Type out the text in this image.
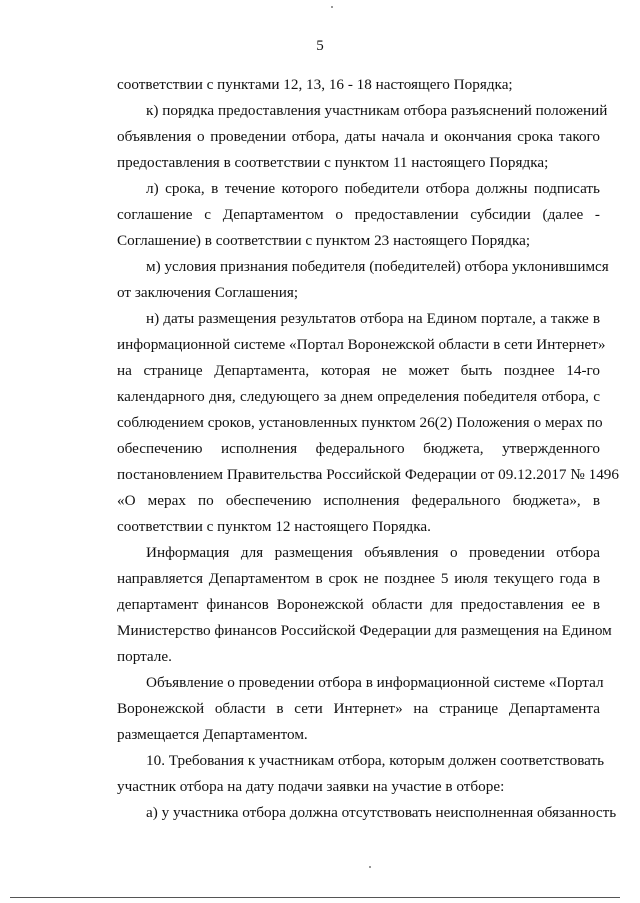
5
соответствии с пунктами 12, 13, 16 - 18 настоящего Порядка;
к) порядка предоставления участникам отбора разъяснений положений
объявления о проведении отбора, даты начала и окончания срока такого
предоставления в соответствии с пунктом 11 настоящего Порядка;
л) срока, в течение которого победители отбора должны подписать
соглашение с Департаментом о предоставлении субсидии (далее -
Соглашение) в соответствии с пунктом 23 настоящего Порядка;
м) условия признания победителя (победителей) отбора уклонившимся
от заключения Соглашения;
н) даты размещения результатов отбора на Едином портале, а также в
информационной системе «Портал Воронежской области в сети Интернет»
на странице Департамента, которая не может быть позднее 14-го
календарного дня, следующего за днем определения победителя отбора, с
соблюдением сроков, установленных пунктом 26(2) Положения о мерах по
обеспечению исполнения федерального бюджета, утвержденного
постановлением Правительства Российской Федерации от 09.12.2017 № 1496
«О мерах по обеспечению исполнения федерального бюджета», в
соответствии с пунктом 12 настоящего Порядка.
Информация для размещения объявления о проведении отбора
направляется Департаментом в срок не позднее 5 июля текущего года в
департамент финансов Воронежской области для предоставления ее в
Министерство финансов Российской Федерации для размещения на Едином
портале.
Объявление о проведении отбора в информационной системе «Портал
Воронежской области в сети Интернет» на странице Департамента
размещается Департаментом.
10. Требования к участникам отбора, которым должен соответствовать
участник отбора на дату подачи заявки на участие в отборе:
а) у участника отбора должна отсутствовать неисполненная обязанность
